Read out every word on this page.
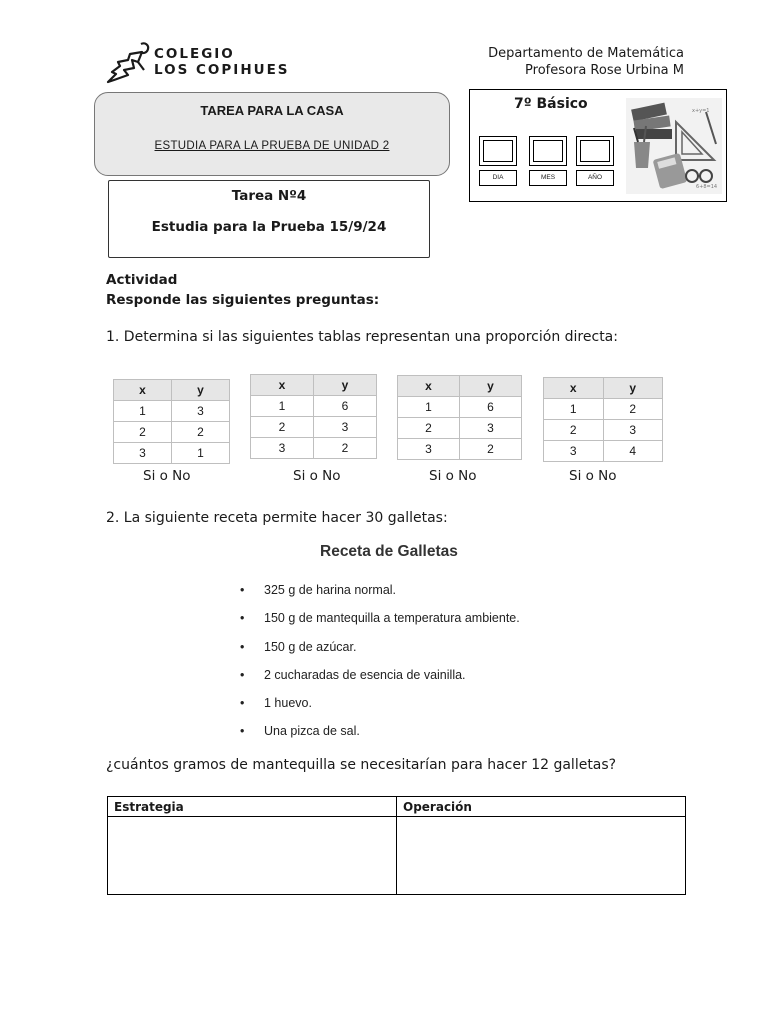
COLEGIO
LOS COPIHUES
Departamento de Matemática
Profesora Rose Urbina M
TAREA PARA LA CASA
ESTUDIA PARA LA PRUEBA DE UNIDAD 2
7º Básico
DIA	MES	AÑO
x+y=1
6+8=14
Tarea Nº4
Estudia para la Prueba 15/9/24
Actividad
Responde las siguientes preguntas:
1. Determina si las siguientes tablas representan una proporción directa:
x	y
1	3
2	2
3	1
x	y
1	6
2	3
3	2
x	y
1	6
2	3
3	2
x	y
1	2
2	3
3	4
Si o No	Si o No	Si o No	Si o No
2. La siguiente receta permite hacer 30 galletas:
Receta de Galletas
• 325 g de harina normal.
• 150 g de mantequilla a temperatura ambiente.
• 150 g de azúcar.
• 2 cucharadas de esencia de vainilla.
• 1 huevo.
• Una pizca de sal.
¿cuántos gramos de mantequilla se necesitarían para hacer 12 galletas?
Estrategia	Operación
